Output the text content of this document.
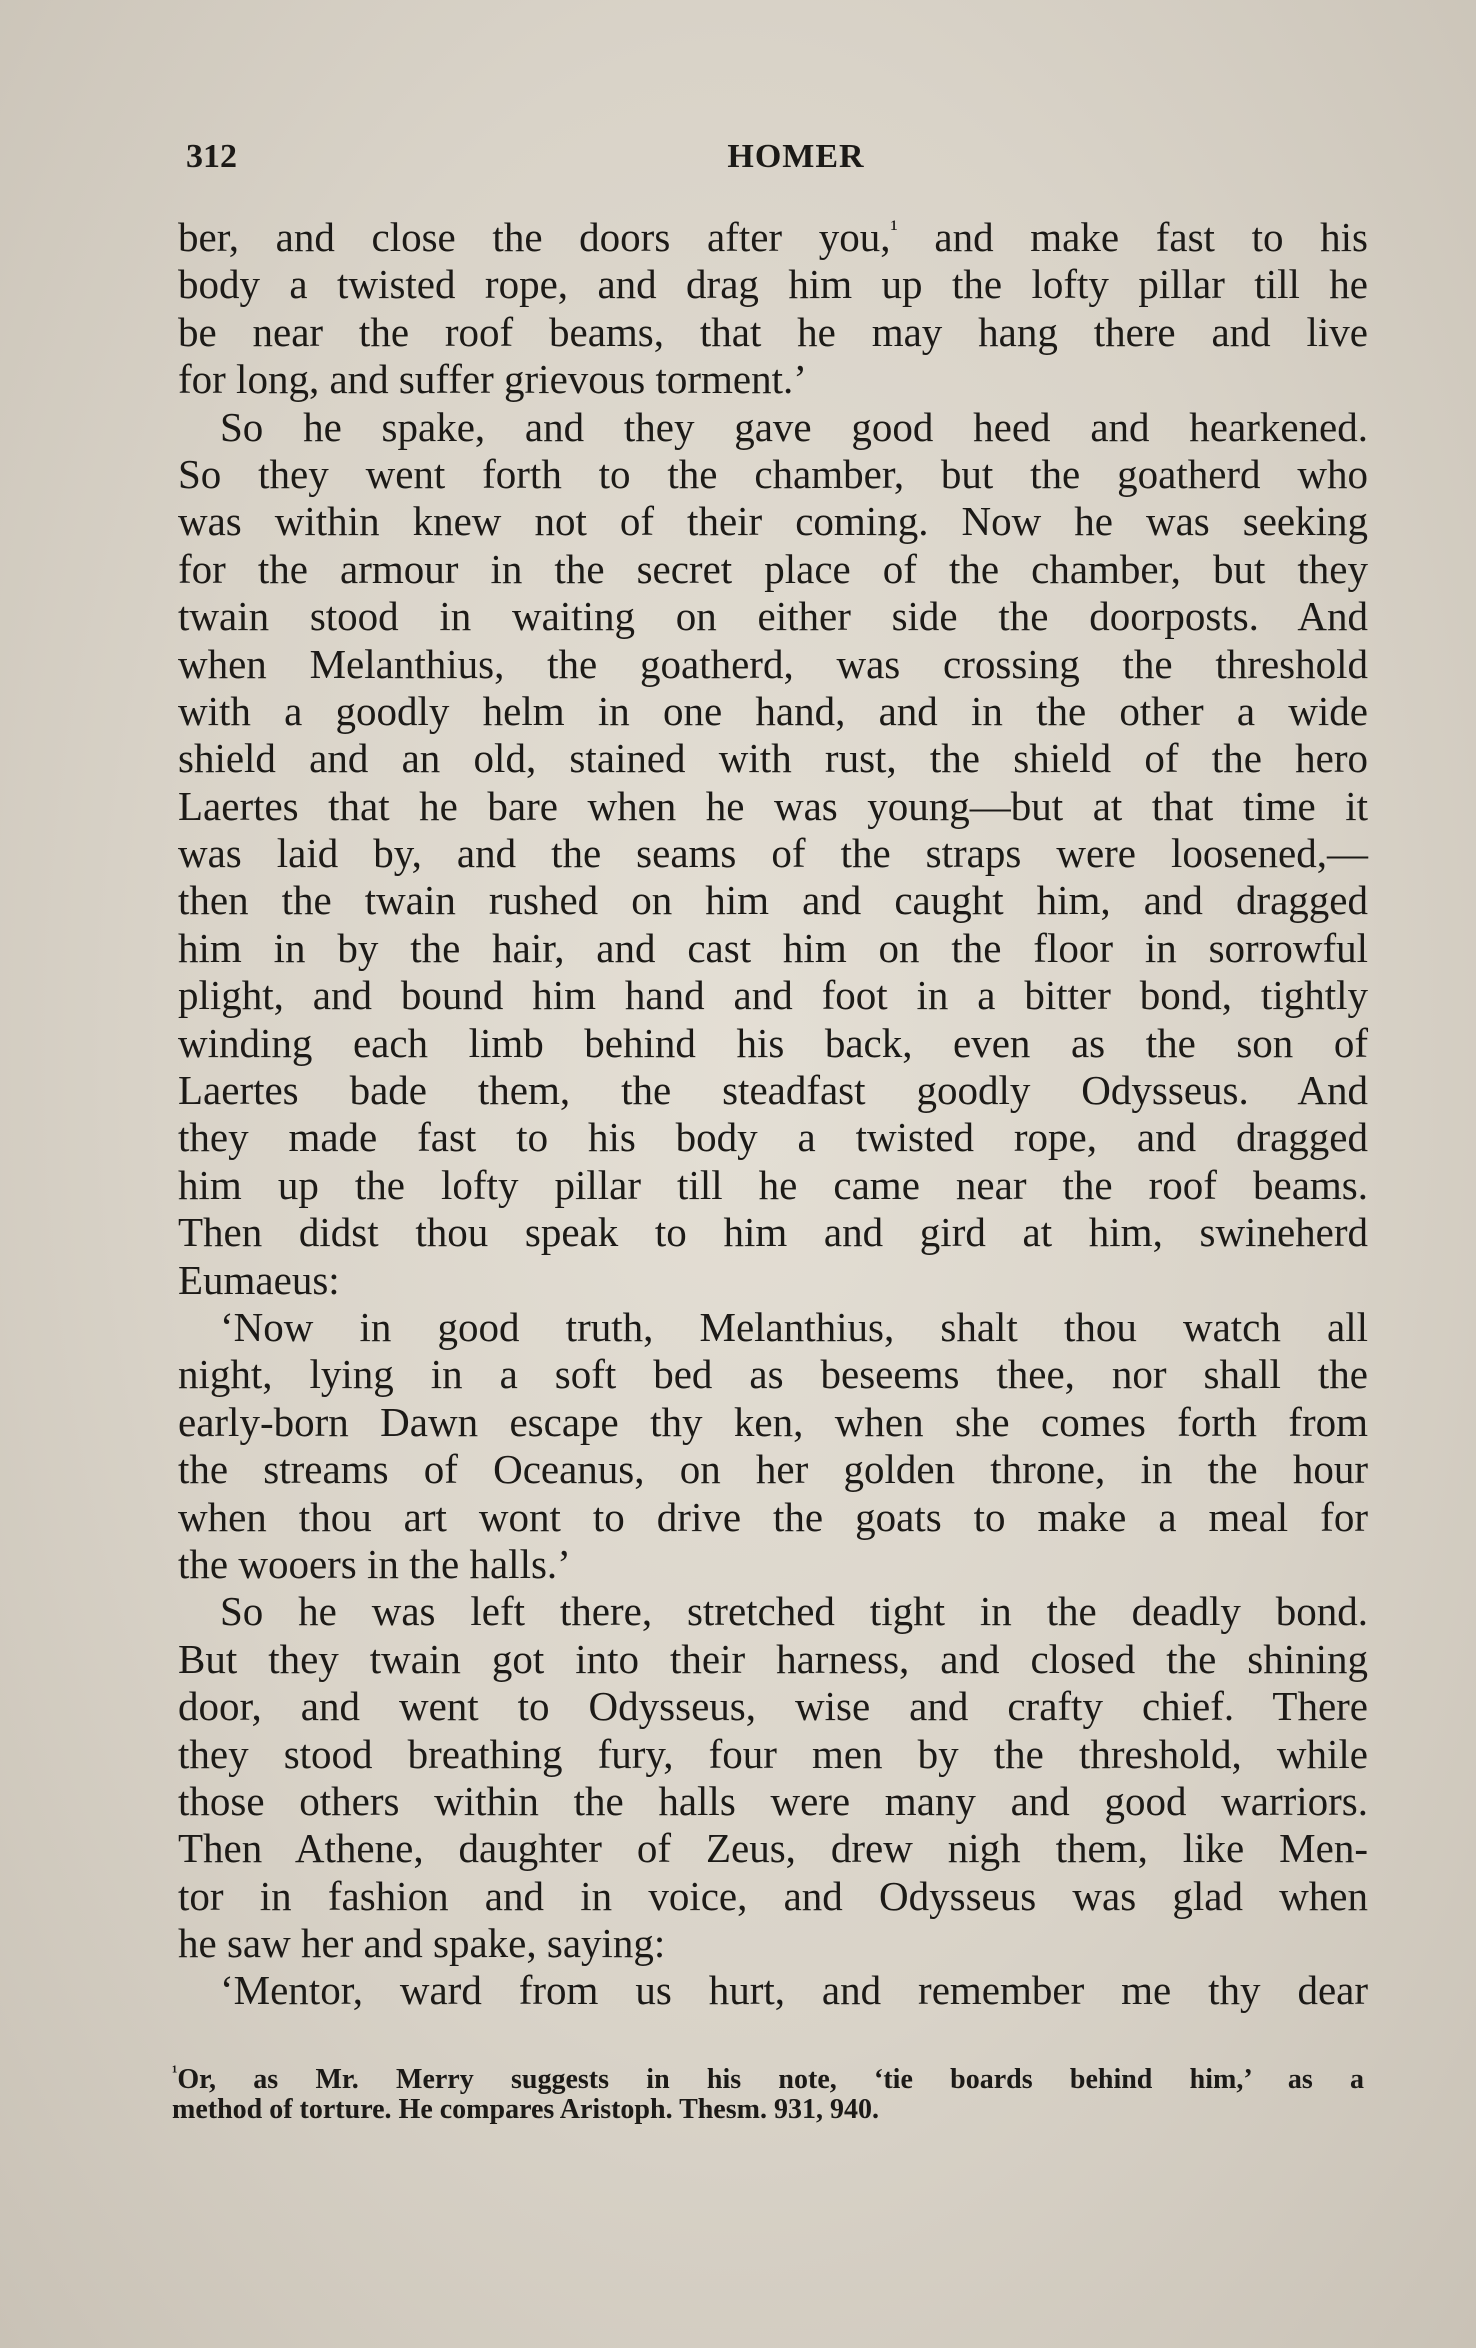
312	HOMER
ber, and close the doors after you,$^{^1}$ and make fast to his
body a twisted rope, and drag him up the lofty pillar till he
be near the roof beams, that he may hang there and live
for long, and suffer grievous torment.’
So he spake, and they gave good heed and hearkened.
So they went forth to the chamber, but the goatherd who
was within knew not of their coming. Now he was seeking
for the armour in the secret place of the chamber, but they
twain stood in waiting on either side the doorposts. And
when Melanthius, the goatherd, was crossing the threshold
with a goodly helm in one hand, and in the other a wide
shield and an old, stained with rust, the shield of the hero
Laertes that he bare when he was young—but at that time it
was laid by, and the seams of the straps were loosened,—
then the twain rushed on him and caught him, and dragged
him in by the hair, and cast him on the floor in sorrowful
plight, and bound him hand and foot in a bitter bond, tightly
winding each limb behind his back, even as the son of
Laertes bade them, the steadfast goodly Odysseus. And
they made fast to his body a twisted rope, and dragged
him up the lofty pillar till he came near the roof beams.
Then didst thou speak to him and gird at him, swineherd
Eumaeus:
‘Now in good truth, Melanthius, shalt thou watch all
night, lying in a soft bed as beseems thee, nor shall the
early-born Dawn escape thy ken, when she comes forth from
the streams of Oceanus, on her golden throne, in the hour
when thou art wont to drive the goats to make a meal for
the wooers in the halls.’
So he was left there, stretched tight in the deadly bond.
But they twain got into their harness, and closed the shining
door, and went to Odysseus, wise and crafty chief. There
they stood breathing fury, four men by the threshold, while
those others within the halls were many and good warriors.
Then Athene, daughter of Zeus, drew nigh them, like Men-
tor in fashion and in voice, and Odysseus was glad when
he saw her and spake, saying:
‘Mentor, ward from us hurt, and remember me thy dear
$^{^1}$Or, as Mr. Merry suggests in his note, ‘tie boards behind him,’ as a
method of torture. He compares Aristoph. Thesm. 931, 940.
